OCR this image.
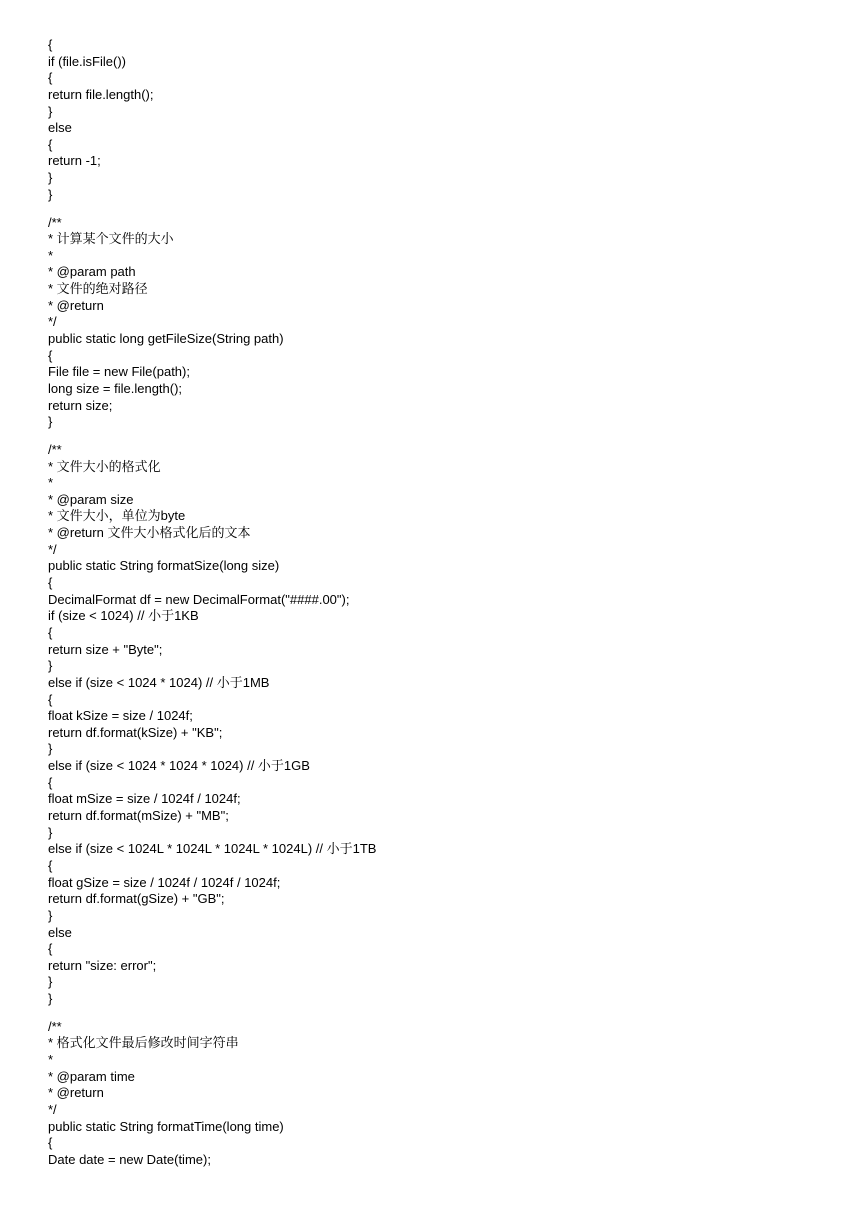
{
if (file.isFile())
{
return file.length();
}
else
{
return -1;
}
}
/**
* 计算某个文件的大小
*
* @param path
* 文件的绝对路径
* @return
*/
public static long getFileSize(String path)
{
File file = new File(path);
long size = file.length();
return size;
}
/**
* 文件大小的格式化
*
* @param size
* 文件大小，单位为byte
* @return 文件大小格式化后的文本
*/
public static String formatSize(long size)
{
DecimalFormat df = new DecimalFormat("####.00");
if (size < 1024) // 小于1KB
{
return size + "Byte";
}
else if (size < 1024 * 1024) // 小于1MB
{
float kSize = size / 1024f;
return df.format(kSize) + "KB";
}
else if (size < 1024 * 1024 * 1024) // 小于1GB
{
float mSize = size / 1024f / 1024f;
return df.format(mSize) + "MB";
}
else if (size < 1024L * 1024L * 1024L * 1024L) // 小于1TB
{
float gSize = size / 1024f / 1024f / 1024f;
return df.format(gSize) + "GB";
}
else
{
return "size: error";
}
}
/**
* 格式化文件最后修改时间字符串
*
* @param time
* @return
*/
public static String formatTime(long time)
{
Date date = new Date(time);
